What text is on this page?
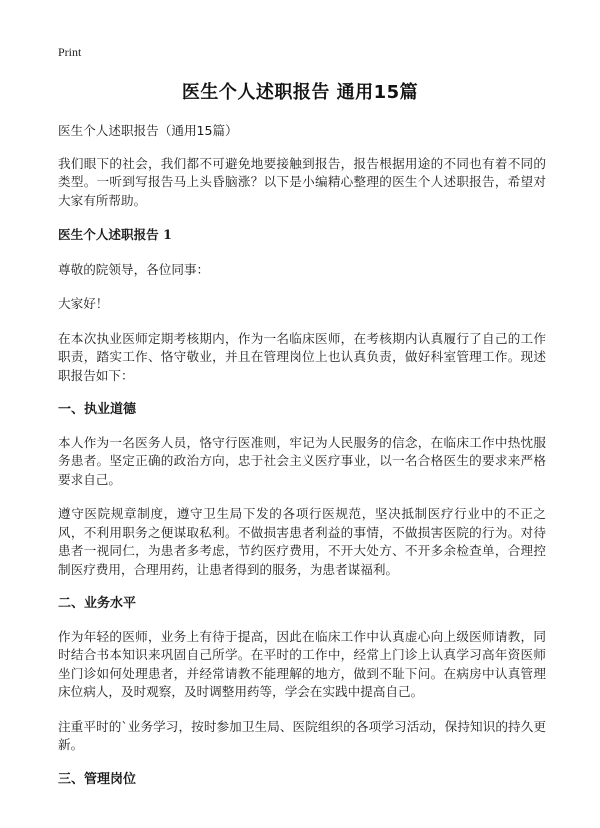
Print
医生个人述职报告 通用15篇

医生个人述职报告（通用15篇）

我们眼下的社会，我们都不可避免地要接触到报告，报告根据用途的不同也有着不同的类型。一听到写报告马上头昏脑涨？以下是小编精心整理的医生个人述职报告，希望对大家有所帮助。

医生个人述职报告 1

尊敬的院领导，各位同事：

大家好！

在本次执业医师定期考核期内，作为一名临床医师，在考核期内认真履行了自己的工作职责，踏实工作、恪守敬业，并且在管理岗位上也认真负责，做好科室管理工作。现述职报告如下：

一、执业道德

本人作为一名医务人员，恪守行医准则，牢记为人民服务的信念，在临床工作中热忱服务患者。坚定正确的政治方向，忠于社会主义医疗事业，以一名合格医生的要求来严格要求自己。

遵守医院规章制度，遵守卫生局下发的各项行医规范，坚决抵制医疗行业中的不正之风，不利用职务之便谋取私利。不做损害患者利益的事情，不做损害医院的行为。对待患者一视同仁，为患者多考虑，节约医疗费用，不开大处方、不开多余检查单，合理控制医疗费用，合理用药，让患者得到的服务，为患者谋福利。

二、业务水平

作为年轻的医师，业务上有待于提高，因此在临床工作中认真虚心向上级医师请教，同时结合书本知识来巩固自己所学。在平时的工作中，经常上门诊上认真学习高年资医师坐门诊如何处理患者，并经常请教不能理解的地方，做到不耻下问。在病房中认真管理床位病人，及时观察，及时调整用药等，学会在实践中提高自己。

注重平时的`业务学习，按时参加卫生局、医院组织的各项学习活动，保持知识的持久更新。

三、管理岗位
